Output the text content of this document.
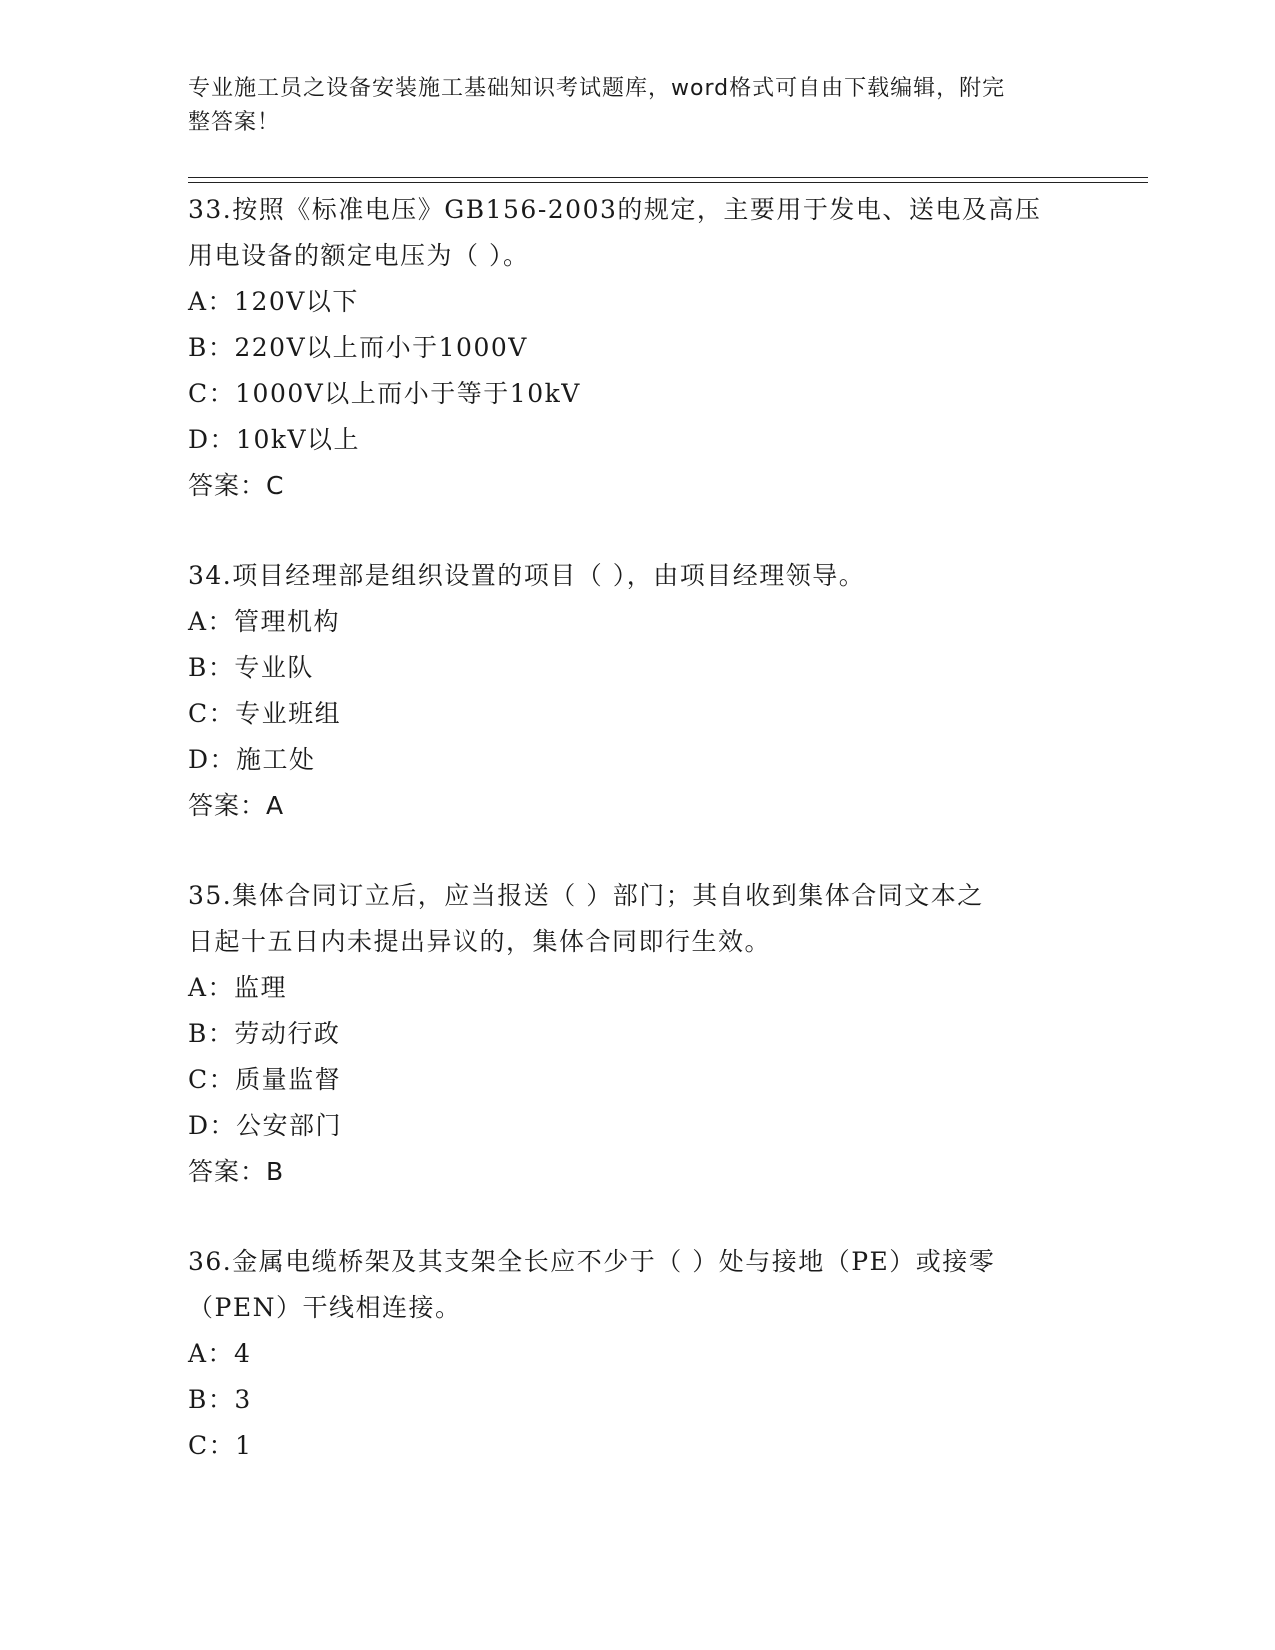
专业施工员之设备安装施工基础知识考试题库，word格式可自由下载编辑，附完
整答案！

33.按照《标准电压》GB156-2003的规定，主要用于发电、送电及高压

用电设备的额定电压为（ ）。

A：120V以下

B：220V以上而小于1000V

C：1000V以上而小于等于10kV

D：10kV以上

答案：C

34.项目经理部是组织设置的项目（ ），由项目经理领导。

A：管理机构

B：专业队

C：专业班组

D：施工处

答案：A

35.集体合同订立后，应当报送（ ）部门；其自收到集体合同文本之

日起十五日内未提出异议的，集体合同即行生效。

A：监理

B：劳动行政

C：质量监督

D：公安部门

答案：B

36.金属电缆桥架及其支架全长应不少于（ ）处与接地（PE）或接零

（PEN）干线相连接。

A：4

B：3

C：1
